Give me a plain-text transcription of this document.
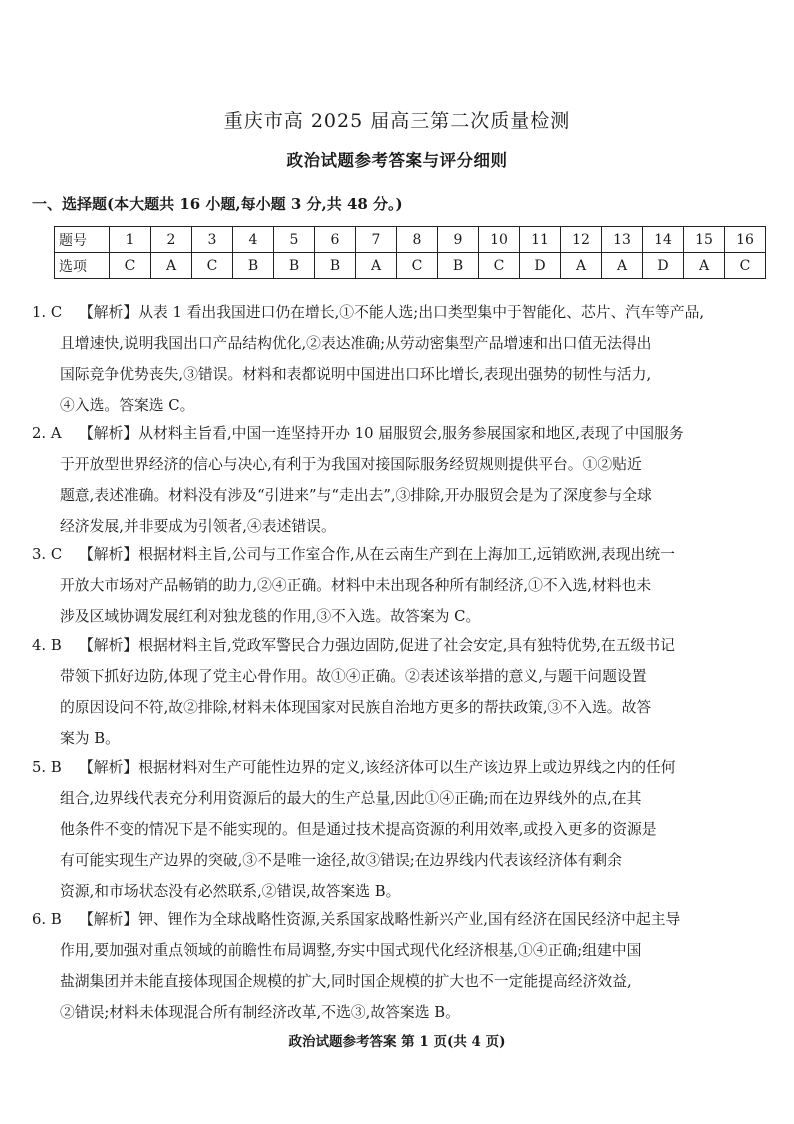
重庆市高 2025 届高三第二次质量检测
政治试题参考答案与评分细则
一、选择题(本大题共 16 小题,每小题 3 分,共 48 分。)
题号	1	2	3	4	5	6	7	8	9	10	11	12	13	14	15	16
选项	C	A	C	B	B	B	A	C	B	C	D	A	A	D	A	C

1. C 【解析】从表 1 看出我国进口仍在增长,①不能人选;出口类型集中于智能化、芯片、汽车等产品,

且增速快,说明我国出口产品结构优化,②表达准确;从劳动密集型产品增速和出口值无法得出

国际竞争优势丧失,③错误。材料和表都说明中国进出口环比增长,表现出强势的韧性与活力,

④入选。答案选 C。

2. A 【解析】从材料主旨看,中国一连坚持开办 10 届服贸会,服务参展国家和地区,表现了中国服务

于开放型世界经济的信心与决心,有利于为我国对接国际服务经贸规则提供平台。①②贴近

题意,表述准确。材料没有涉及“引进来”与“走出去”,③排除,开办服贸会是为了深度参与全球

经济发展,并非要成为引领者,④表述错误。

3. C 【解析】根据材料主旨,公司与工作室合作,从在云南生产到在上海加工,远销欧洲,表现出统一

开放大市场对产品畅销的助力,②④正确。材料中未出现各种所有制经济,①不入选,材料也未

涉及区域协调发展红利对独龙毯的作用,③不入选。故答案为 C。

4. B 【解析】根据材料主旨,党政军警民合力强边固防,促进了社会安定,具有独特优势,在五级书记

带领下抓好边防,体现了党主心骨作用。故①④正确。②表述该举措的意义,与题干问题设置

的原因设问不符,故②排除,材料未体现国家对民族自治地方更多的帮扶政策,③不入选。故答

案为 B。

5. B 【解析】根据材料对生产可能性边界的定义,该经济体可以生产该边界上或边界线之内的任何

组合,边界线代表充分利用资源后的最大的生产总量,因此①④正确;而在边界线外的点,在其

他条件不变的情况下是不能实现的。但是通过技术提高资源的利用效率,或投入更多的资源是

有可能实现生产边界的突破,③不是唯一途径,故③错误;在边界线内代表该经济体有剩余

资源,和市场状态没有必然联系,②错误,故答案选 B。

6. B 【解析】钾、锂作为全球战略性资源,关系国家战略性新兴产业,国有经济在国民经济中起主导

作用,要加强对重点领域的前瞻性布局调整,夯实中国式现代化经济根基,①④正确;组建中国

盐湖集团并未能直接体现国企规模的扩大,同时国企规模的扩大也不一定能提高经济效益,

②错误;材料未体现混合所有制经济改革,不选③,故答案选 B。

政治试题参考答案 第 1 页(共 4 页)
